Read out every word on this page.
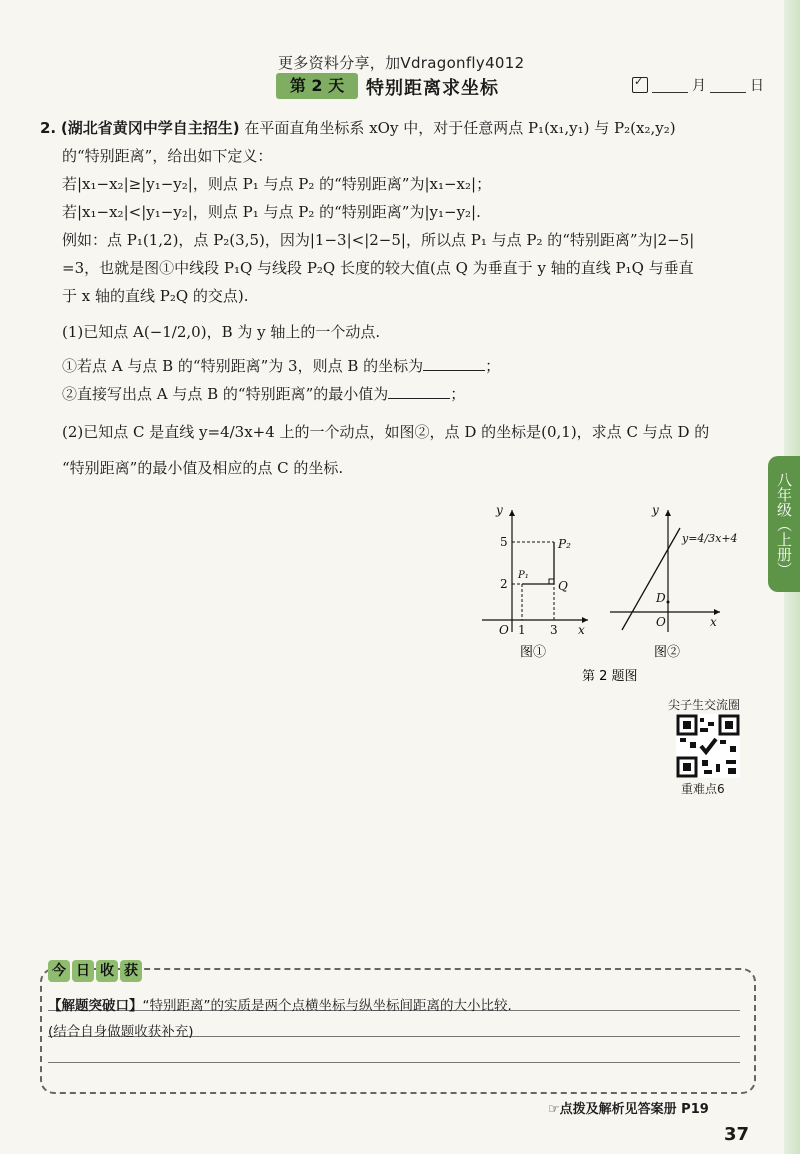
更多资料分享，加Vdragonfly4012
第 2 天	特别距离求坐标
✓	月	日
八年级（上册）

2. (湖北省黄冈中学自主招生) 在平面直角坐标系 xOy 中，对于任意两点 P₁(x₁,y₁) 与 P₂(x₂,y₂)

的“特别距离”，给出如下定义：

若|x₁−x₂|≥|y₁−y₂|，则点 P₁ 与点 P₂ 的“特别距离”为|x₁−x₂|；

若|x₁−x₂|<|y₁−y₂|，则点 P₁ 与点 P₂ 的“特别距离”为|y₁−y₂|.

例如：点 P₁(1,2)，点 P₂(3,5)，因为|1−3|<|2−5|，所以点 P₁ 与点 P₂ 的“特别距离”为|2−5|

=3，也就是图①中线段 P₁Q 与线段 P₂Q 长度的较大值(点 Q 为垂直于 y 轴的直线 P₁Q 与垂直

于 x 轴的直线 P₂Q 的交点).

(1)已知点 A(−1/2,0)，B 为 y 轴上的一个动点.

①若点 A 与点 B 的“特别距离”为 3，则点 B 的坐标为	；

②直接写出点 A 与点 B 的“特别距离”的最小值为	；

(2)已知点 C 是直线 y=4/3x+4 上的一个动点，如图②，点 D 的坐标是(0,1)，求点 C 与点 D 的

“特别距离”的最小值及相应的点 C 的坐标.

y
x
O 1 3
2
5
P₁
P₂
Q
y
x
O
D
y=4/3x+4
图①	图②
第 2 题图
尖子生交流圈
重难点6
今 日 收 获
【解题突破口】“特别距离”的实质是两个点横坐标与纵坐标间距离的大小比较.
(结合自身做题收获补充)
☞点拨及解析见答案册 P19
37
